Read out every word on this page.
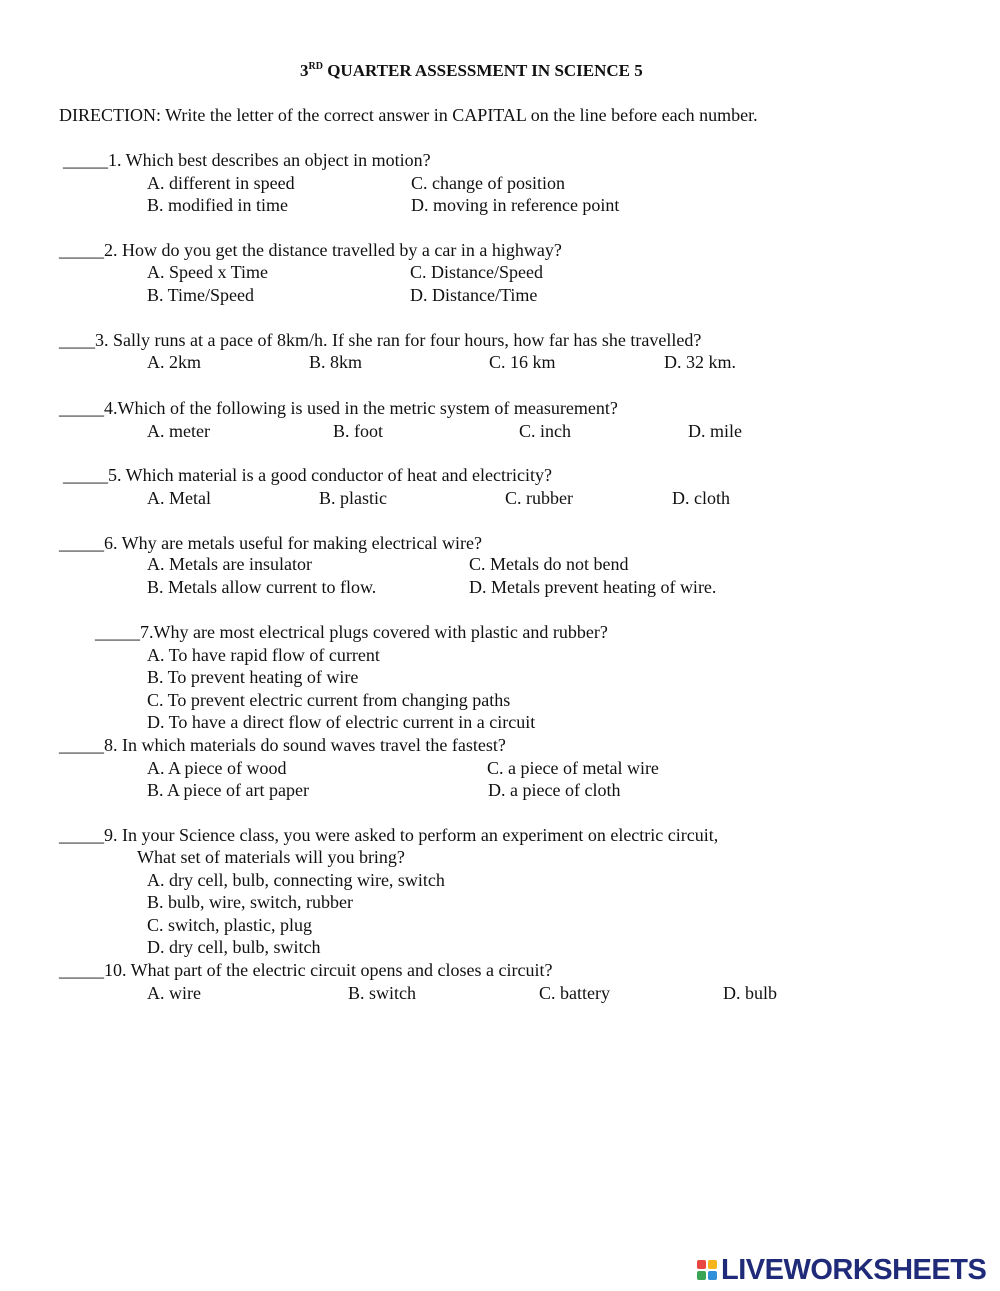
3RD QUARTER ASSESSMENT IN SCIENCE 5
DIRECTION: Write the letter of the correct answer in CAPITAL on the line before each number.
_____1. Which best describes an object in motion?
A. different in speed	C. change of position
B. modified in time	D. moving in reference point
_____2. How do you get the distance travelled by a car in a highway?
A. Speed x Time	C. Distance/Speed
B. Time/Speed	D. Distance/Time
____3. Sally runs at a pace of 8km/h. If she ran for four hours, how far has she travelled?
A. 2km	B. 8km	C. 16 km	D. 32 km.
_____4.Which of the following is used in the metric system of measurement?
A. meter	B. foot	C. inch	D. mile
_____5. Which material is a good conductor of heat and electricity?
A. Metal	B. plastic	C. rubber	D. cloth
_____6. Why are metals useful for making electrical wire?
A. Metals are insulator	C. Metals do not bend
B. Metals allow current to flow.	D. Metals prevent heating of wire.
_____7.Why are most electrical plugs covered with plastic and rubber?
A. To have rapid flow of current
B. To prevent heating of wire
C. To prevent electric current from changing paths
D. To have a direct flow of electric current in a circuit
_____8. In which materials do sound waves travel the fastest?
A. A piece of wood	C. a piece of metal wire
B. A piece of art paper	D. a piece of cloth
_____9. In your Science class, you were asked to perform an experiment on electric circuit,
What set of materials will you bring?
A. dry cell, bulb, connecting wire, switch
B. bulb, wire, switch, rubber
C. switch, plastic, plug
D. dry cell, bulb, switch
_____10. What part of the electric circuit opens and closes a circuit?
A. wire	B. switch	C. battery	D. bulb
LIVEWORKSHEETS
